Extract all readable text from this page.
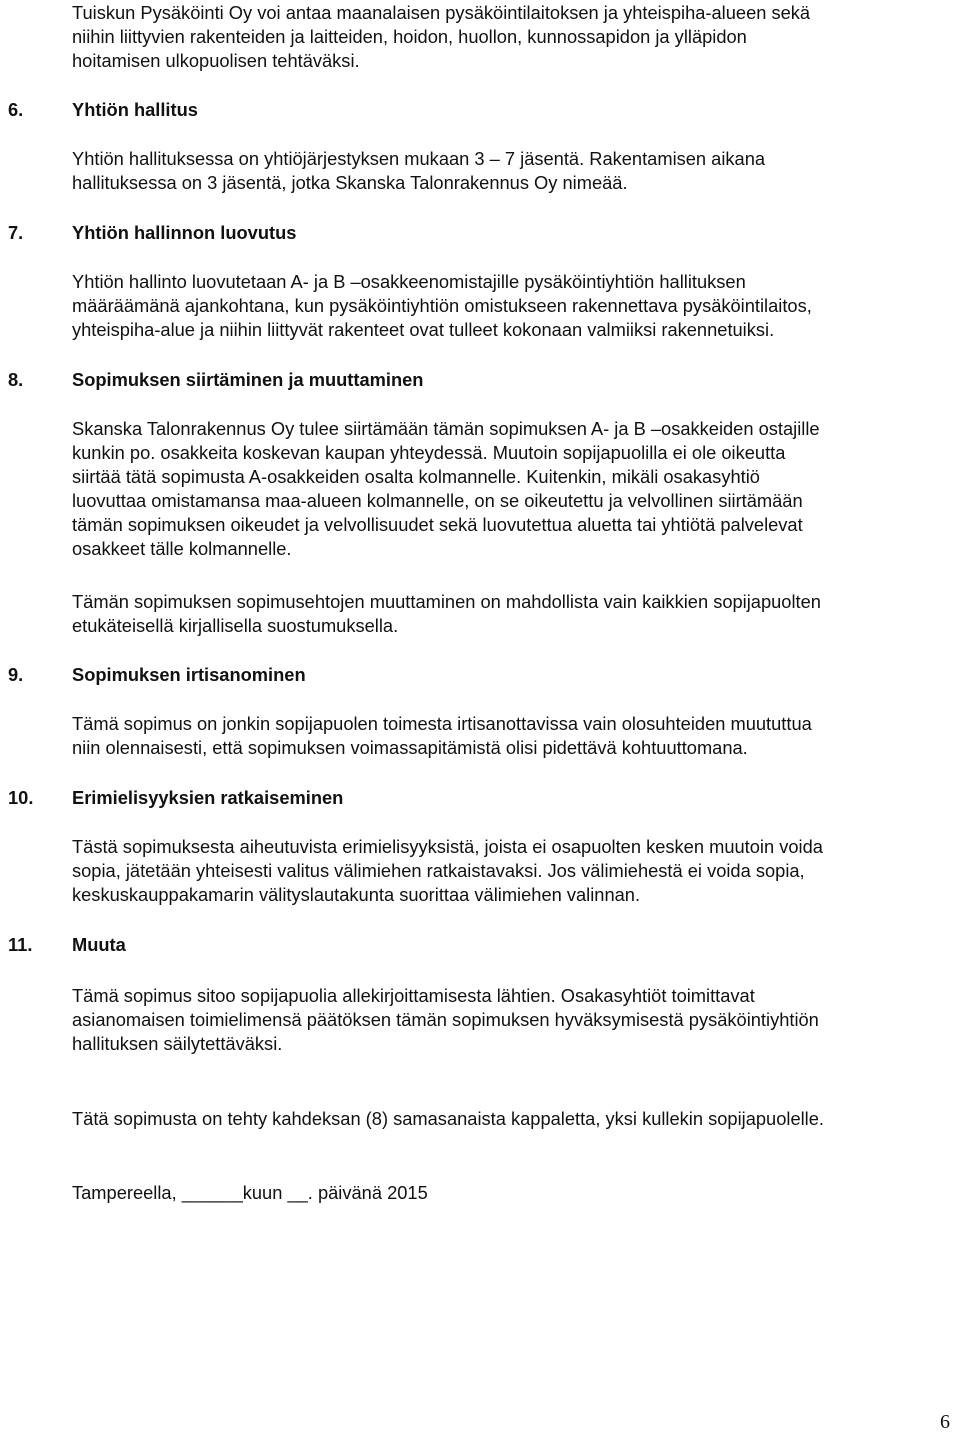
Tuiskun Pysäköinti Oy voi antaa maanalaisen pysäköintilaitoksen ja yhteispiha-alueen sekä
niihin liittyvien rakenteiden ja laitteiden, hoidon, huollon, kunnossapidon ja ylläpidon
hoitamisen ulkopuolisen tehtäväksi.
6.	Yhtiön hallitus
Yhtiön hallituksessa on yhtiöjärjestyksen mukaan 3 – 7 jäsentä. Rakentamisen aikana
hallituksessa on 3 jäsentä, jotka Skanska Talonrakennus Oy nimeää.
7.	Yhtiön hallinnon luovutus
Yhtiön hallinto luovutetaan A- ja B –osakkeenomistajille pysäköintiyhtiön hallituksen
määräämänä ajankohtana, kun pysäköintiyhtiön omistukseen rakennettava pysäköintilaitos,
yhteispiha-alue ja niihin liittyvät rakenteet ovat tulleet kokonaan valmiiksi rakennetuiksi.
8.	Sopimuksen siirtäminen ja muuttaminen
Skanska Talonrakennus Oy tulee siirtämään tämän sopimuksen A- ja B –osakkeiden ostajille
kunkin po. osakkeita koskevan kaupan yhteydessä. Muutoin sopijapuolilla ei ole oikeutta
siirtää tätä sopimusta A-osakkeiden osalta kolmannelle. Kuitenkin, mikäli osakasyhtiö
luovuttaa omistamansa maa-alueen kolmannelle, on se oikeutettu ja velvollinen siirtämään
tämän sopimuksen oikeudet ja velvollisuudet sekä luovutettua aluetta tai yhtiötä palvelevat
osakkeet tälle kolmannelle.
Tämän sopimuksen sopimusehtojen muuttaminen on mahdollista vain kaikkien sopijapuolten
etukäteisellä kirjallisella suostumuksella.
9.	Sopimuksen irtisanominen
Tämä sopimus on jonkin sopijapuolen toimesta irtisanottavissa vain olosuhteiden muututtua
niin olennaisesti, että sopimuksen voimassapitämistä olisi pidettävä kohtuuttomana.
10. Erimielisyyksien ratkaiseminen
Tästä sopimuksesta aiheutuvista erimielisyyksistä, joista ei osapuolten kesken muutoin voida
sopia, jätetään yhteisesti valitus välimiehen ratkaistavaksi. Jos välimiehestä ei voida sopia,
keskuskauppakamarin välityslautakunta suorittaa välimiehen valinnan.
11. Muuta
Tämä sopimus sitoo sopijapuolia allekirjoittamisesta lähtien. Osakasyhtiöt toimittavat
asianomaisen toimielimensä päätöksen tämän sopimuksen hyväksymisestä pysäköintiyhtiön
hallituksen säilytettäväksi.
Tätä sopimusta on tehty kahdeksan (8) samasanaista kappaletta, yksi kullekin sopijapuolelle.
Tampereella, ______kuun __. päivänä 2015
6
